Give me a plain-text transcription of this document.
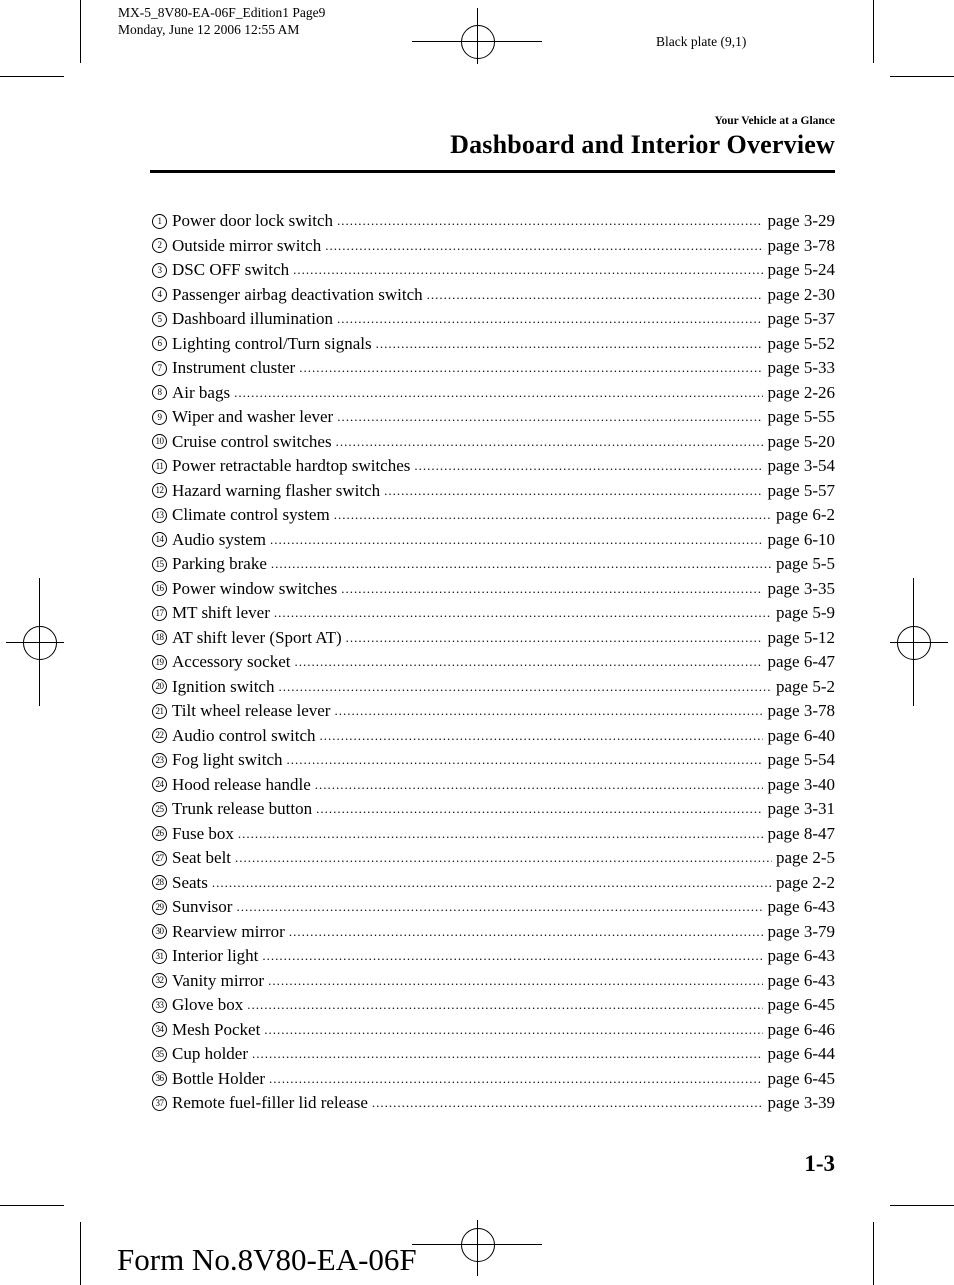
MX-5_8V80-EA-06F_Edition1 Page9
Monday, June 12 2006 12:55 AM
Black plate (9,1)
Your Vehicle at a Glance
Dashboard and Interior Overview
1 Power door lock switch .....	page 3-29
2 Outside mirror switch .....	page 3-78
3 DSC OFF switch .....	page 5-24
4 Passenger airbag deactivation switch .....	page 2-30
5 Dashboard illumination .....	page 5-37
6 Lighting control/Turn signals .....	page 5-52
7 Instrument cluster .....	page 5-33
8 Air bags .....	page 2-26
9 Wiper and washer lever .....	page 5-55
10 Cruise control switches .....	page 5-20
11 Power retractable hardtop switches .....	page 3-54
12 Hazard warning flasher switch .....	page 5-57
13 Climate control system .....	page 6-2
14 Audio system .....	page 6-10
15 Parking brake .....	page 5-5
16 Power window switches .....	page 3-35
17 MT shift lever .....	page 5-9
18 AT shift lever (Sport AT) .....	page 5-12
19 Accessory socket .....	page 6-47
20 Ignition switch .....	page 5-2
21 Tilt wheel release lever .....	page 3-78
22 Audio control switch .....	page 6-40
23 Fog light switch .....	page 5-54
24 Hood release handle .....	page 3-40
25 Trunk release button .....	page 3-31
26 Fuse box .....	page 8-47
27 Seat belt .....	page 2-5
28 Seats .....	page 2-2
29 Sunvisor .....	page 6-43
30 Rearview mirror .....	page 3-79
31 Interior light .....	page 6-43
32 Vanity mirror .....	page 6-43
33 Glove box .....	page 6-45
34 Mesh Pocket .....	page 6-46
35 Cup holder .....	page 6-44
36 Bottle Holder .....	page 6-45
37 Remote fuel-filler lid release .....	page 3-39
1-3
Form No.8V80-EA-06F
